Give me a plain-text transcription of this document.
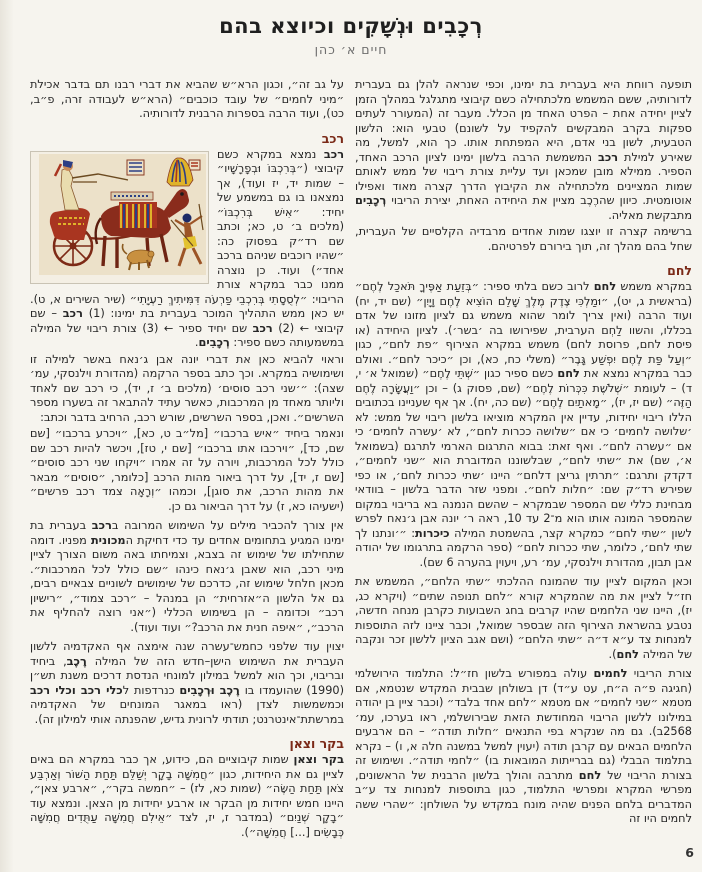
רְכָבִים וּנְשָׁקִים וכיוצא בהם
חיים א׳ כהן

תופעה רווחת היא בעברית בת ימינו, וכפי שנראה להלן גם בעברית לדורותיה, ששם המשמש מלכתחילה כשם קיבוצי מתגלגל במהלך הזמן לציין יחידה אחת – הפרט האחד מן הכלל. מעבר זה (המעורר לעתים ספקות בקרב המבקשים להקפיד על לשונם) טבעי הוא: הלשון הטבעית, לשון בני אדם, היא המפתחת אותו. כך הוא, למשל, מה שאירע למילת רכב המשמשת הרבה בלשון ימינו לציון הרכב האחד, הספיר. ממילא מובן שמכאן ועד עליית צורת ריבוי של ממש לאותם שמות המציינים מלכתחילה את הקיבוץ הדרך קצרה מאוד ואפילו אוטומטית. כיוון שהרֶכֶב מציין את היחידה האחת, יצירת הריבוי רְכָבִים מתבקשת מאליה.

ברשימה קצרה זו יוצגו שמות אחדים מרבדיה הקלסיים של העברית, שחל בהם מהלך זה, תוך בירורם לפרטיהם.

לחם

במקרא משמש לחם לרוב כשם בלתי ספיר: ״בְּזֵעַת אַפֶּיךָ תֹּאכַל לֶחֶם״ (בראשית ג, יט), ״וּמַלְכִּי צֶדֶק מֶלֶךְ שָׁלֵם הוֹצִיא לֶחֶם וָיָיִן״ (שם יד, יח) ועוד הרבה (ואין צריך לומר שהוא משמש גם לציון מזונו של אדם בכללו, והשוו לַחְם הערבית, שפירושו בה ׳בשר׳). לציון היחידה (או פיסת לחם, פרוסת לחם) משמש במקרא הצירוף ״פת לחם״, כגון ״וְעַל פַּת לֶחֶם יִפְשַׁע גָּבֶר״ (משלי כח, כא), וכן ״כיכר לחם״. ואולם כבר במקרא נמצא את לחם כשם ספיר כגון ״שְׁתֵּי לֶחֶם״ (שמואל א׳ י, ד) – לעומת ״שְׁלֹשֶׁת כִּכְּרוֹת לֶחֶם״ (שם, פסוק ג) – וכן ״וַעֲשָׂרָה לֶחֶם הַזֶּה״ (שם יז, יז), ״מָאתַיִם לֶחֶם״ (שם כה, יח). אך אף שעניינו בכתובים הללו ריבוי יחידות, עדיין אין המקרא מוציאו בלשון ריבוי של ממש: לא ׳שלושה לחמים׳ כי אם ״שלושה ככרות לחם״, לא ׳עשרה לחמים׳ כי אם ״עשרה לחם״. ואף זאת: בבוא התרגום הארמי לתרגם (בשמואל א׳, שם) את ״שתי לחם״, שבלשוננו המדוברת הוא ״שני לחמים״, דקדק ותרגם: ״תרתין גריצן דלחם״ היינו ׳שתי ככרות לחם׳, או כפי שפירש רד״ק שם: ״חלות לחם״. ומפני שזר הדבר בלשון – בוודאי מבחינת כללי שם המספר שבמקרא – שהשם הנמנה בא בריבוי במקום שהמספר המונה אותו הוא מ־2 עד 10, ראה ר׳ יונה אבן ג׳נאח לפרש לשון ״שתי לחם״ כמקרא קצר, בהשמטת המילה כיכרות: ״׳ונתנו לך שתי לחם׳, כלומר, שתי ככרות לחם״ (ספר הרקמה בתרגומו של יהודה אבן תבון, מהדורת וילנסקי, עמ׳ רע, ויעוין בהערה 6 שם).

וכאן המקום לציין עוד שהמונח ההלכתי ״שתי הלחם״, המשמש את חז״ל לציין את מה שהמקרא קורא ״לחם תנופה שתים״ (ויקרא כג, יז), היינו שני הלחמים שהיו קרבים בחג השבועות כקרבן מנחה חדשה, נטבע בהשראת הצירוף הזה שבספר שמואל, וכבר ציינו לזה התוספות למנחות צד ע״א ד״ה ״שתי הלחם״ (ושם אגב הציון ללשון זכר ונקבה של המילה לחם).

צורת הריבוי לחמים עולה במפורש בלשון חז״ל: התלמוד הירושלמי (חגיגה פ״ה ה״ח, עט ע״ד) דן בשולחן שבבית המקדש שנטמא, אם מטמא ״שני לחמים״ אם מטמא ״לחם אחד בלבד״ (וכבר ציין בן יהודה במילונו ללשון הריבוי המחודשת הזאת שבירושלמי, ראו בערכו, עמ׳ 2568ב). גם מה שנקרא בפי התנאים ״חלות תודה״ – הם ארבעים הלחמים הבאים עם קרבן תודה (יעוין למשל במשנה חלה א, ו) – נקרא בתלמוד הבבלי (גם בברייתות המובאות בו) ״לחמי תודה״. ושימוש זה בצורת הריבוי של לחם מתרבה והולך בלשון הרבנית של הראשונים, מפרשי המקרא ומפרשי התלמוד, כגון בתוספות למנחות צד ע״ב המדברים בלחם הפנים שהיה מונח במקדש על השולחן: ״שהרי ששה לחמים היו זה

על גב זה״, וכגון הרא״ש שהביא את דברי רבנו תם בדבר אכילת ״מיני לחמים״ של עובד כוכבים״ (הרא״ש לעבודה זרה, פ״ב, כט), ועוד הרבה בספרות הרבנית לדורותיה.

רכב

רכב נמצא במקרא כשם קיבוצי (״בְּרִכְבּוֹ וּבְפָרָשָׁיו״ – שמות יד, יז ועוד), אך נמצאנו בו גם במשמע של יחיד: ״אִישׁ בְּרִכְבּוֹ״ (מלכים ב׳ ט, כא; וכתב שם רד״ק בפסוק כה: ״שהיו רוכבים שניהם ברכב אחד״) ועוד. כן נוצרה ממנו כבר במקרא צורת הריבוי: ״לְסֻסָתִי בְּרִכְבֵי פַרְעֹה דִּמִּיתִיךְ רַעְיָתִי״ (שיר השירים א, ט). יש כאן ממש התהליך המוכר בעברית בת ימינו: (1) רכב – שם קיבוצי ← (2) רכב שם יחיד ספיר ← (3) צורת ריבוי של המילה במשמעותה כשם ספיר: רְכָבִים.

וראוי להביא כאן את דברי יונה אבן ג׳נאח באשר למילה זו ושימושיה במקרא. וכך כתב בספר הרקמה (מהדורת וילנסקי, עמ׳ שצה): ״׳שני רכב סוסים׳ (מלכים ב׳ ז, יד), כי רכב שם לאחד וליותר מאחד מן המרכבות, כאשר עתיד להתבאר זה בשערו מספר השרשים״. ואכן, בספר השרשים, שורש רכב, הרחיב בדבר וכתב:

ונאמר ביחיד ״איש ברכבו״ [מל״ב ט, כא], ״ויכרע ברכבו״ [שם שם, כד], ״וירכבו אתו ברכבו״ [שם י, טז], ויכשר להיות רכב שם כולל לכל המרכבות, ויורה על זה אמרו ״ויקחו שני רכב סוסים״ [שם ז, יד], על דרך ביאור מהות הרכב [כלומר, ״סוסים״ מבאר את מהות הרכב, את סוגן], וכמהו ״וְרָאָה צמד רכב פרשים״ (ישעיהו כא, ז) על דרך הביאור גם כן.

אין צורך להכביר מילים על השימוש המרובה ברכב בעברית בת ימינו המגיע בתחומים אחדים עד כדי דחיקת המכונית מפניו. דומה שתחילתו של שימוש זה בצבא, וצמיחתו באה משום הצורך לציין מיני רכב, הוא שאבן ג׳נאח כינהו ״שם כולל לכל המרכבות״. מכאן חלחל שימוש זה, כדרכם של שימושים לשוניים צבאיים רבים, גם אל הלשון ה״אזרחית״ הן במנהל – ״רכב צמוד״, ״רישיון רכב״ וכדומה – הן בשימוש הכללי (״אני רוצה להחליף את הרכב״, ״איפה חנית את הרכב?״ ועוד ועוד).

יצוין עוד שלפני כחמש־עשרה שנה אימצה אף האקדמיה ללשון העברית את השימוש הישן–חדש הזה של המילה רֶכֶב, ביחיד ובריבוי, וכך הוא למשל במילון למונחי הנדסת דרכים משנת תש״ן (1990) שהועמדו בו רֶכֶב וּרְכָבִים כנרדפות לכלי רכב וכלי רכב וכמשמשות לצדן (ראו במאגר המונחים של האקדמיה במרשתת־אינטרנט; תודתי לרונית גדיש, שהפנתה אותי למילון זה).

בקר וצאן

בקר וצאן שמות קיבוציים הם, כידוע, אך כבר במקרא הם באים לציין גם את היחידות, כגון ״חֲמִשָּׁה בָקָר יְשַׁלֵּם תַּחַת הַשּׁוֹר וְאַרְבַּע צֹאן תַּחַת הַשֶּׂה״ (שמות כא, לז) – ״חמשה בקר״, ״ארבע צאן״, היינו חמש יחידות מן הבקר או ארבע יחידות מן הצאן. ונמצא עוד ״בָקָר שְׁנַיִם״ (במדבר ז, יז, לצד ״אֵילִם חֲמִשָּׁה עַתֻּדִים חֲמִשָּׁה כְּבָשִׂים [...] חֲמִשָּׁה״).

6
